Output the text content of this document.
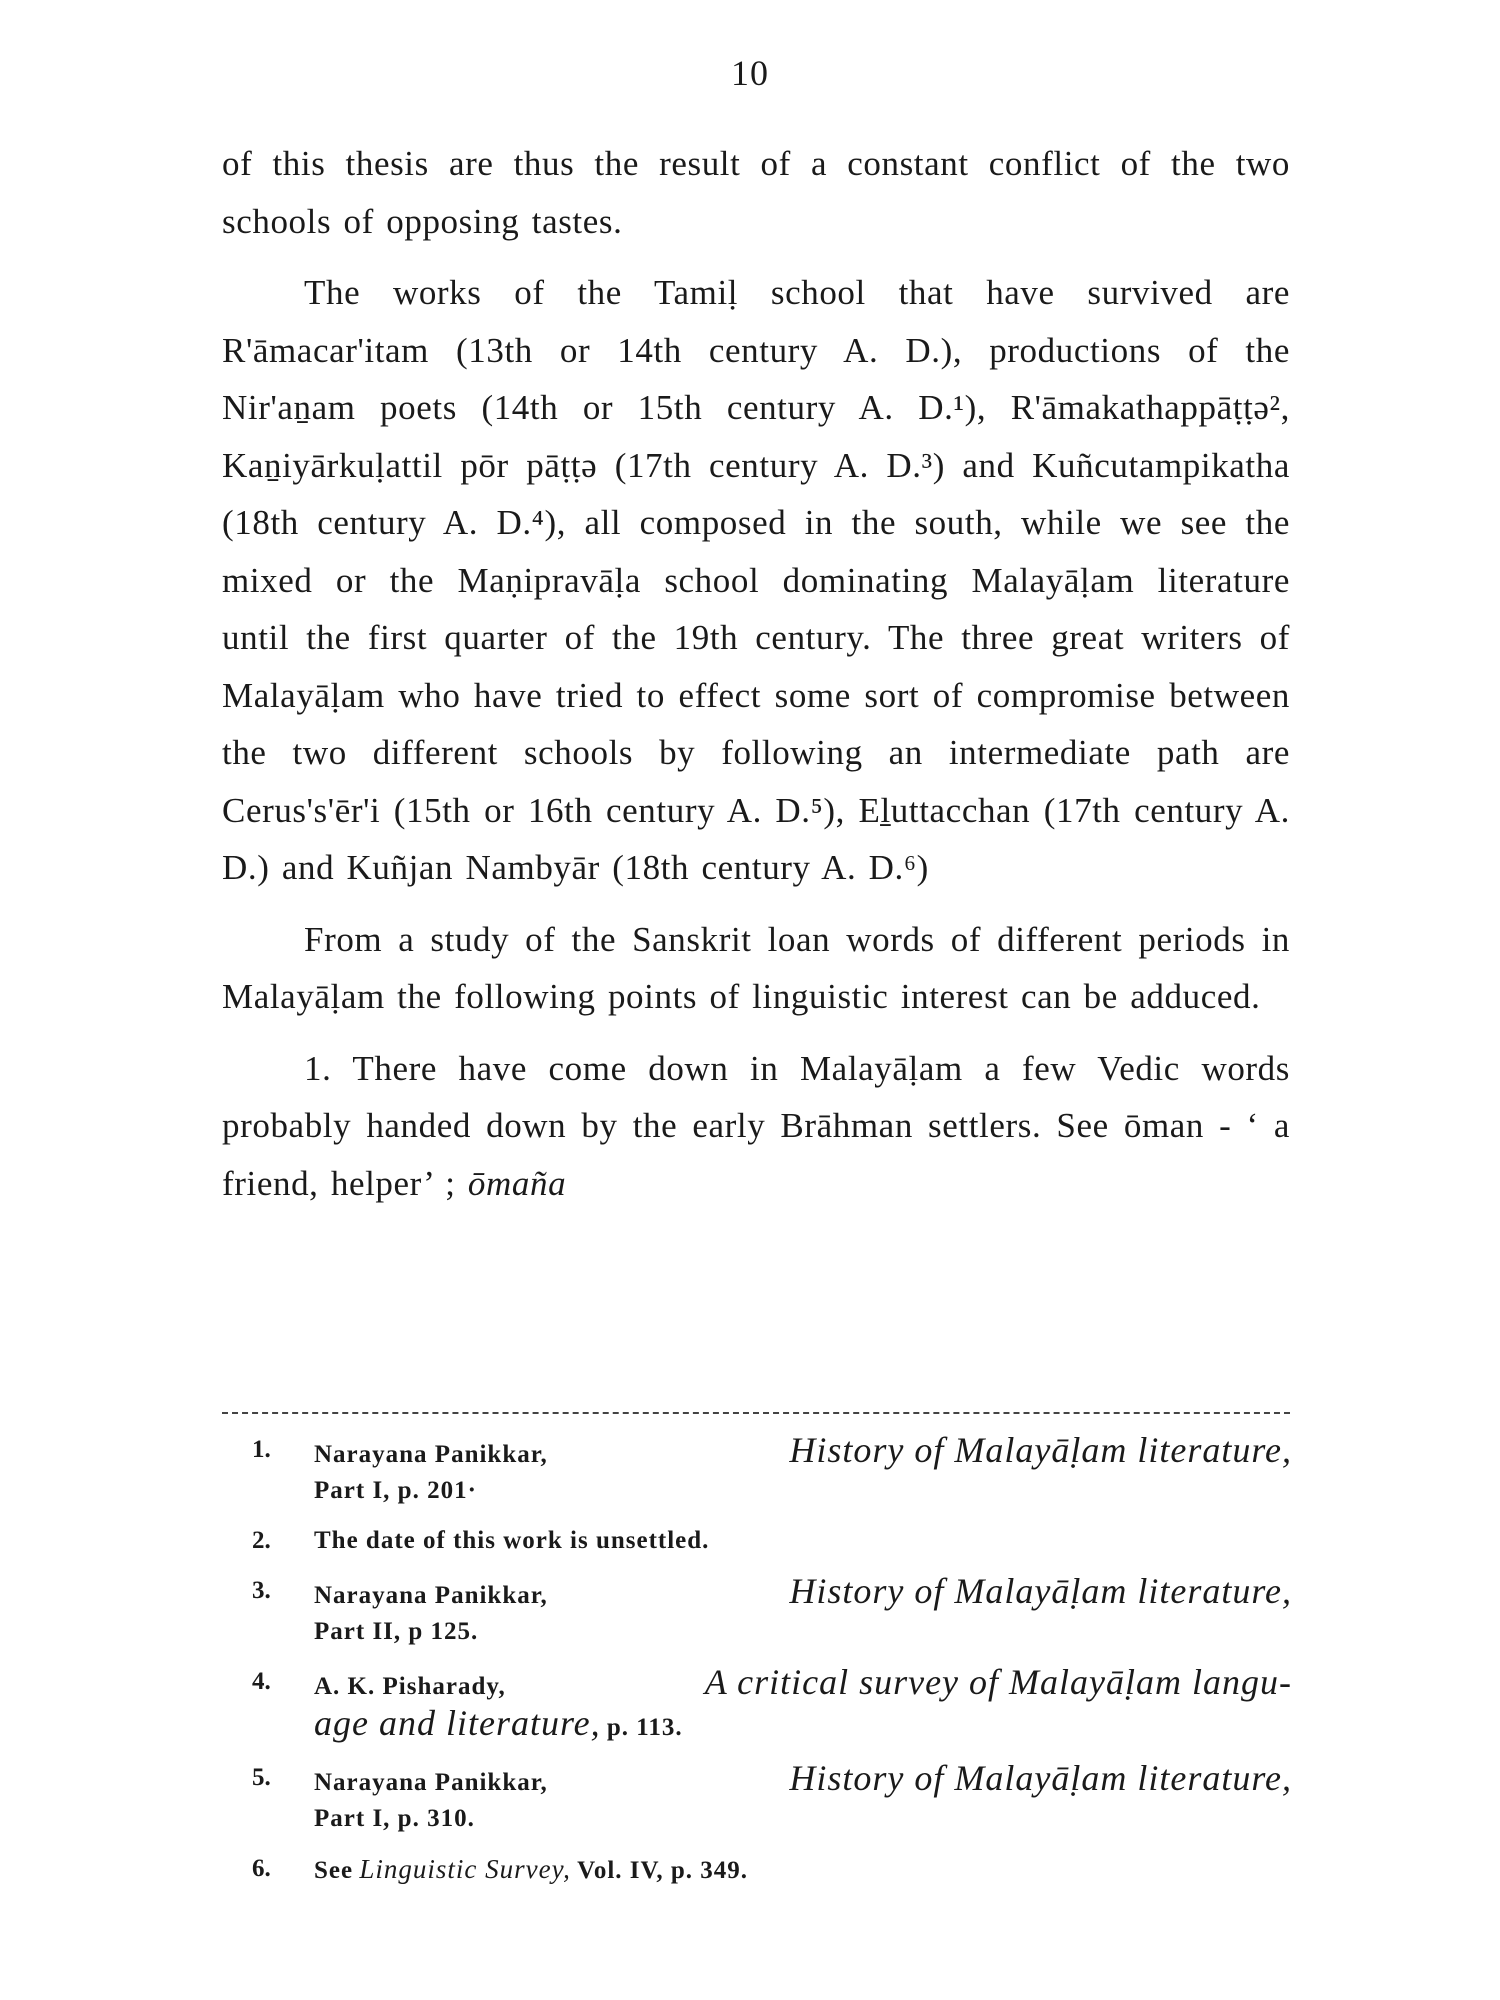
10

of this thesis are thus the result of a constant conflict of the two schools of opposing tastes.

The works of the Tamiḷ school that have survived are R'āmacar'itam (13th or 14th century A. D.), productions of the Nir'aṉam poets (14th or 15th century A. D.¹), R'āmakathappāṭṭə², Kaṉiyārkuḷattil pōr pāṭṭə (17th century A. D.³) and Kuñcutampikatha (18th century A. D.⁴), all composed in the south, while we see the mixed or the Maṇipravāḷa school dominating Malayāḷam literature until the first quarter of the 19th century. The three great writers of Malayāḷam who have tried to effect some sort of compromise between the two different schools by following an intermediate path are Cerus's'ēr'i (15th or 16th century A. D.⁵), Eḻuttacchan (17th century A. D.) and Kuñjan Nambyār (18th century A. D.⁶)

From a study of the Sanskrit loan words of different periods in Malayāḷam the following points of linguistic interest can be adduced.

1. There have come down in Malayāḷam a few Vedic words probably handed down by the early Brāhman settlers. See ōman - ‘ a friend, helper’ ; ōmaña

1.	Narayana Panikkar,	History of Malayāḷam literature,
Part I, p. 201·
2.	The date of this work is unsettled.
3.	Narayana Panikkar,	History of Malayāḷam literature,
Part II, p 125.
4.	A. K. Pisharady,	A critical survey of Malayāḷam langu-
age and literature, p. 113.
5.	Narayana Panikkar,	History of Malayāḷam literature,
Part I, p. 310.
6.	See Linguistic Survey, Vol. IV, p. 349.
